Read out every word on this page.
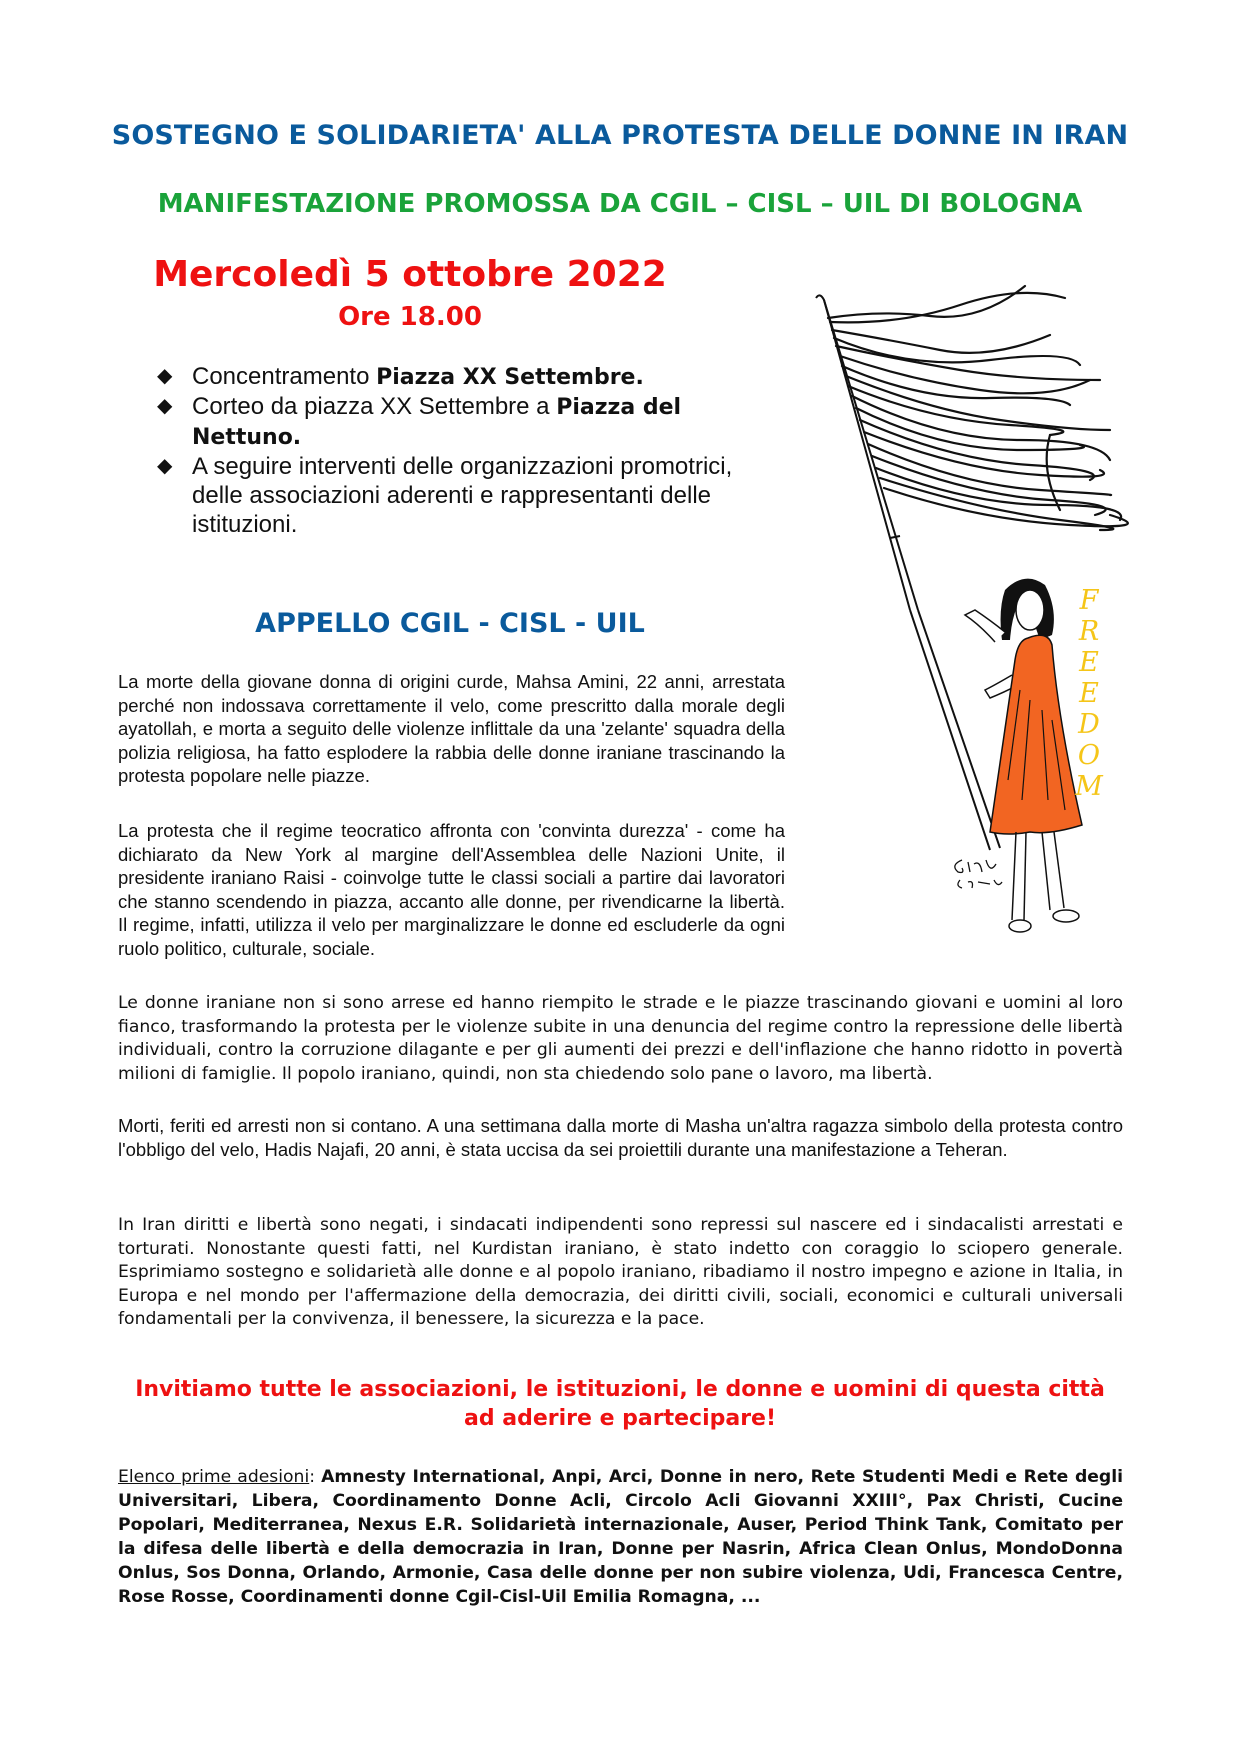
SOSTEGNO E SOLIDARIETA' ALLA PROTESTA DELLE DONNE IN IRAN
MANIFESTAZIONE PROMOSSA DA CGIL – CISL – UIL DI BOLOGNA
Mercoledì 5 ottobre 2022
Ore 18.00
◆ Concentramento Piazza XX Settembre.
◆ Corteo da piazza XX Settembre a Piazza del Nettuno.
◆ A seguire interventi delle organizzazioni promotrici, delle associazioni aderenti e rappresentanti delle istituzioni.
APPELLO CGIL - CISL - UIL

La morte della giovane donna di origini curde, Mahsa Amini, 22 anni, arrestata perché non indossava correttamente il velo, come prescritto dalla morale degli ayatollah, e morta a seguito delle violenze inflittale da una 'zelante' squadra della polizia religiosa, ha fatto esplodere la rabbia delle donne iraniane trascinando la protesta popolare nelle piazze.

La protesta che il regime teocratico affronta con 'convinta durezza' - come ha dichiarato da New York al margine dell'Assemblea delle Nazioni Unite, il presidente iraniano Raisi - coinvolge tutte le classi sociali a partire dai lavoratori che stanno scendendo in piazza, accanto alle donne, per rivendicarne la libertà. Il regime, infatti, utilizza il velo per marginalizzare le donne ed escluderle da ogni ruolo politico, culturale, sociale.

Le donne iraniane non si sono arrese ed hanno riempito le strade e le piazze trascinando giovani e uomini al loro fianco, trasformando la protesta per le violenze subite in una denuncia del regime contro la repressione delle libertà individuali, contro la corruzione dilagante e per gli aumenti dei prezzi e dell'inflazione che hanno ridotto in povertà milioni di famiglie. Il popolo iraniano, quindi, non sta chiedendo solo pane o lavoro, ma libertà.

Morti, feriti ed arresti non si contano. A una settimana dalla morte di Masha un'altra ragazza simbolo della protesta contro l'obbligo del velo, Hadis Najafi, 20 anni, è stata uccisa da sei proiettili durante una manifestazione a Teheran.

In Iran diritti e libertà sono negati, i sindacati indipendenti sono repressi sul nascere ed i sindacalisti arrestati e torturati. Nonostante questi fatti, nel Kurdistan iraniano, è stato indetto con coraggio lo sciopero generale. Esprimiamo sostegno e solidarietà alle donne e al popolo iraniano, ribadiamo il nostro impegno e azione in Italia, in Europa e nel mondo per l'affermazione della democrazia, dei diritti civili, sociali, economici e culturali universali fondamentali per la convivenza, il benessere, la sicurezza e la pace.

Invitiamo tutte le associazioni, le istituzioni, le donne e uomini di questa città
ad aderire e partecipare!

Elenco prime adesioni: Amnesty International, Anpi, Arci, Donne in nero, Rete Studenti Medi e Rete degli Universitari, Libera, Coordinamento Donne Acli, Circolo Acli Giovanni XXIII°, Pax Christi, Cucine Popolari, Mediterranea, Nexus E.R. Solidarietà internazionale, Auser, Period Think Tank, Comitato per la difesa delle libertà e della democrazia in Iran, Donne per Nasrin, Africa Clean Onlus, MondoDonna Onlus, Sos Donna, Orlando, Armonie, Casa delle donne per non subire violenza, Udi, Francesca Centre, Rose Rosse, Coordinamenti donne Cgil-Cisl-Uil Emilia Romagna, ...

FREEDOM
